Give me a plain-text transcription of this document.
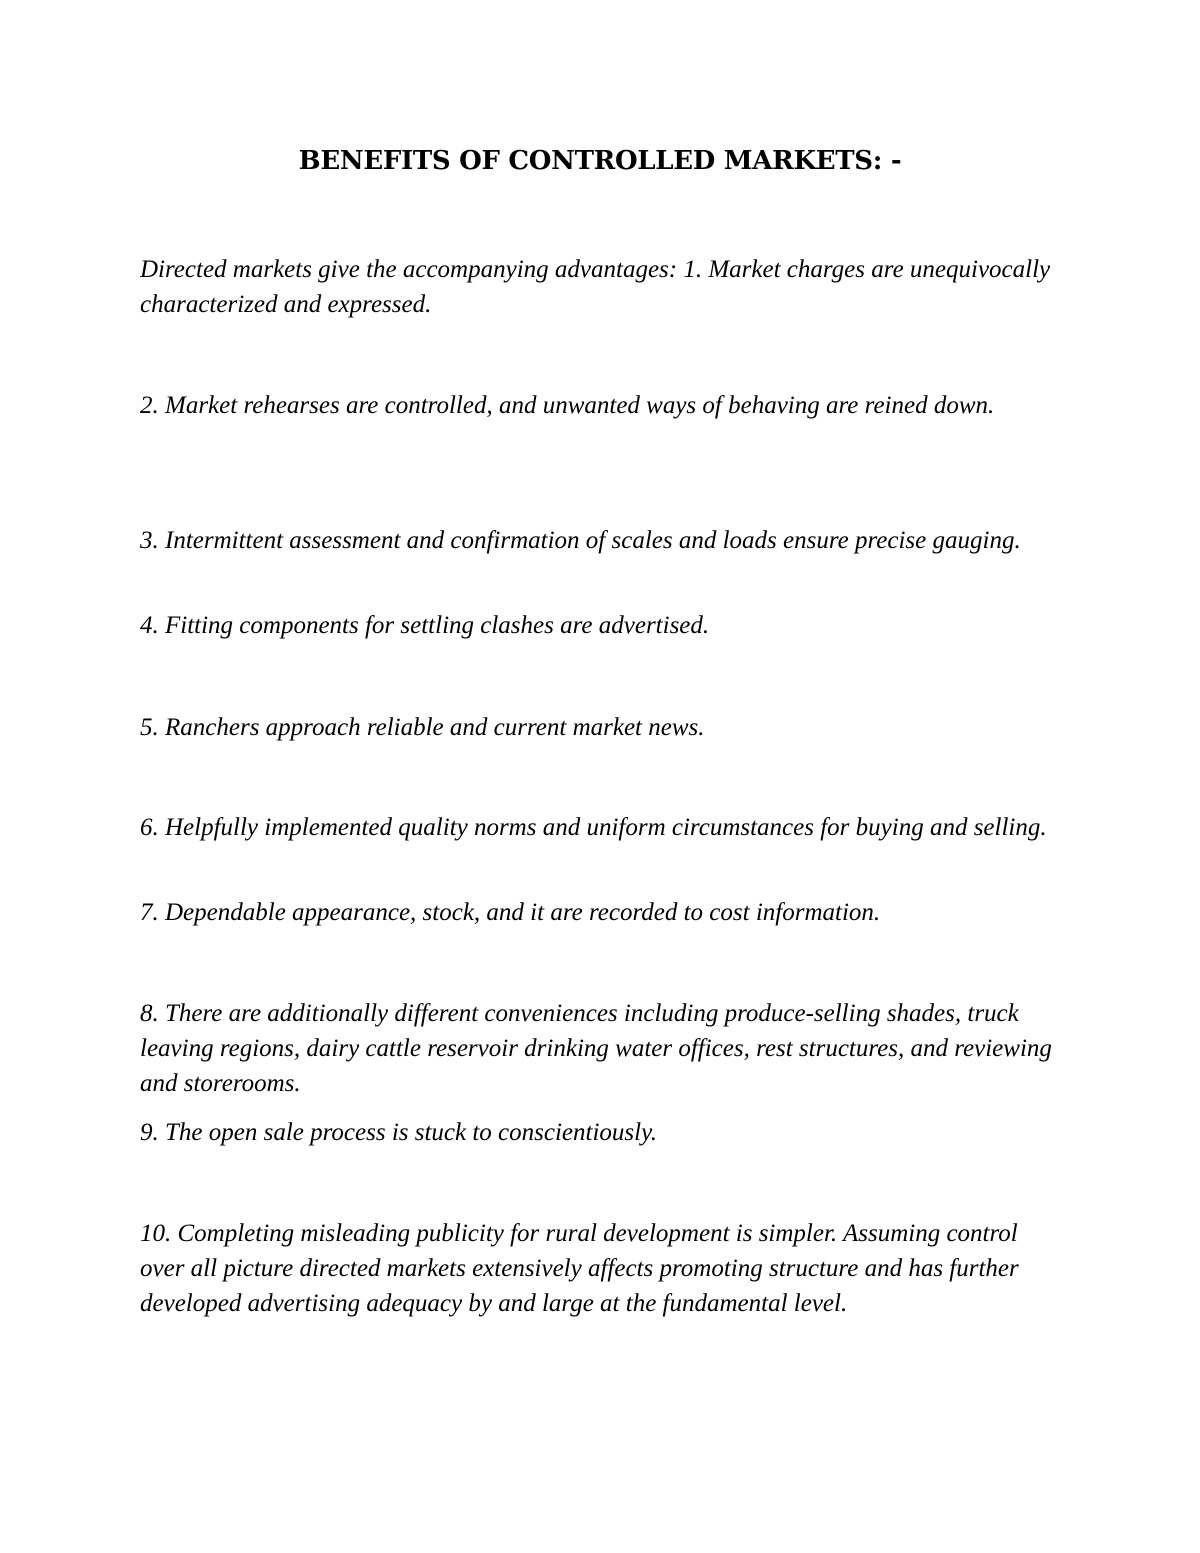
BENEFITS OF CONTROLLED MARKETS: -

Directed markets give the accompanying advantages: 1. Market charges are unequivocally characterized and expressed.

2. Market rehearses are controlled, and unwanted ways of behaving are reined down.

3. Intermittent assessment and confirmation of scales and loads ensure precise gauging.

4. Fitting components for settling clashes are advertised.

5. Ranchers approach reliable and current market news.

6. Helpfully implemented quality norms and uniform circumstances for buying and selling.

7. Dependable appearance, stock, and it are recorded to cost information.

8. There are additionally different conveniences including produce-selling shades, truck leaving regions, dairy cattle reservoir drinking water offices, rest structures, and reviewing and storerooms.

9. The open sale process is stuck to conscientiously.

10. Completing misleading publicity for rural development is simpler. Assuming control over all picture directed markets extensively affects promoting structure and has further developed advertising adequacy by and large at the fundamental level.
